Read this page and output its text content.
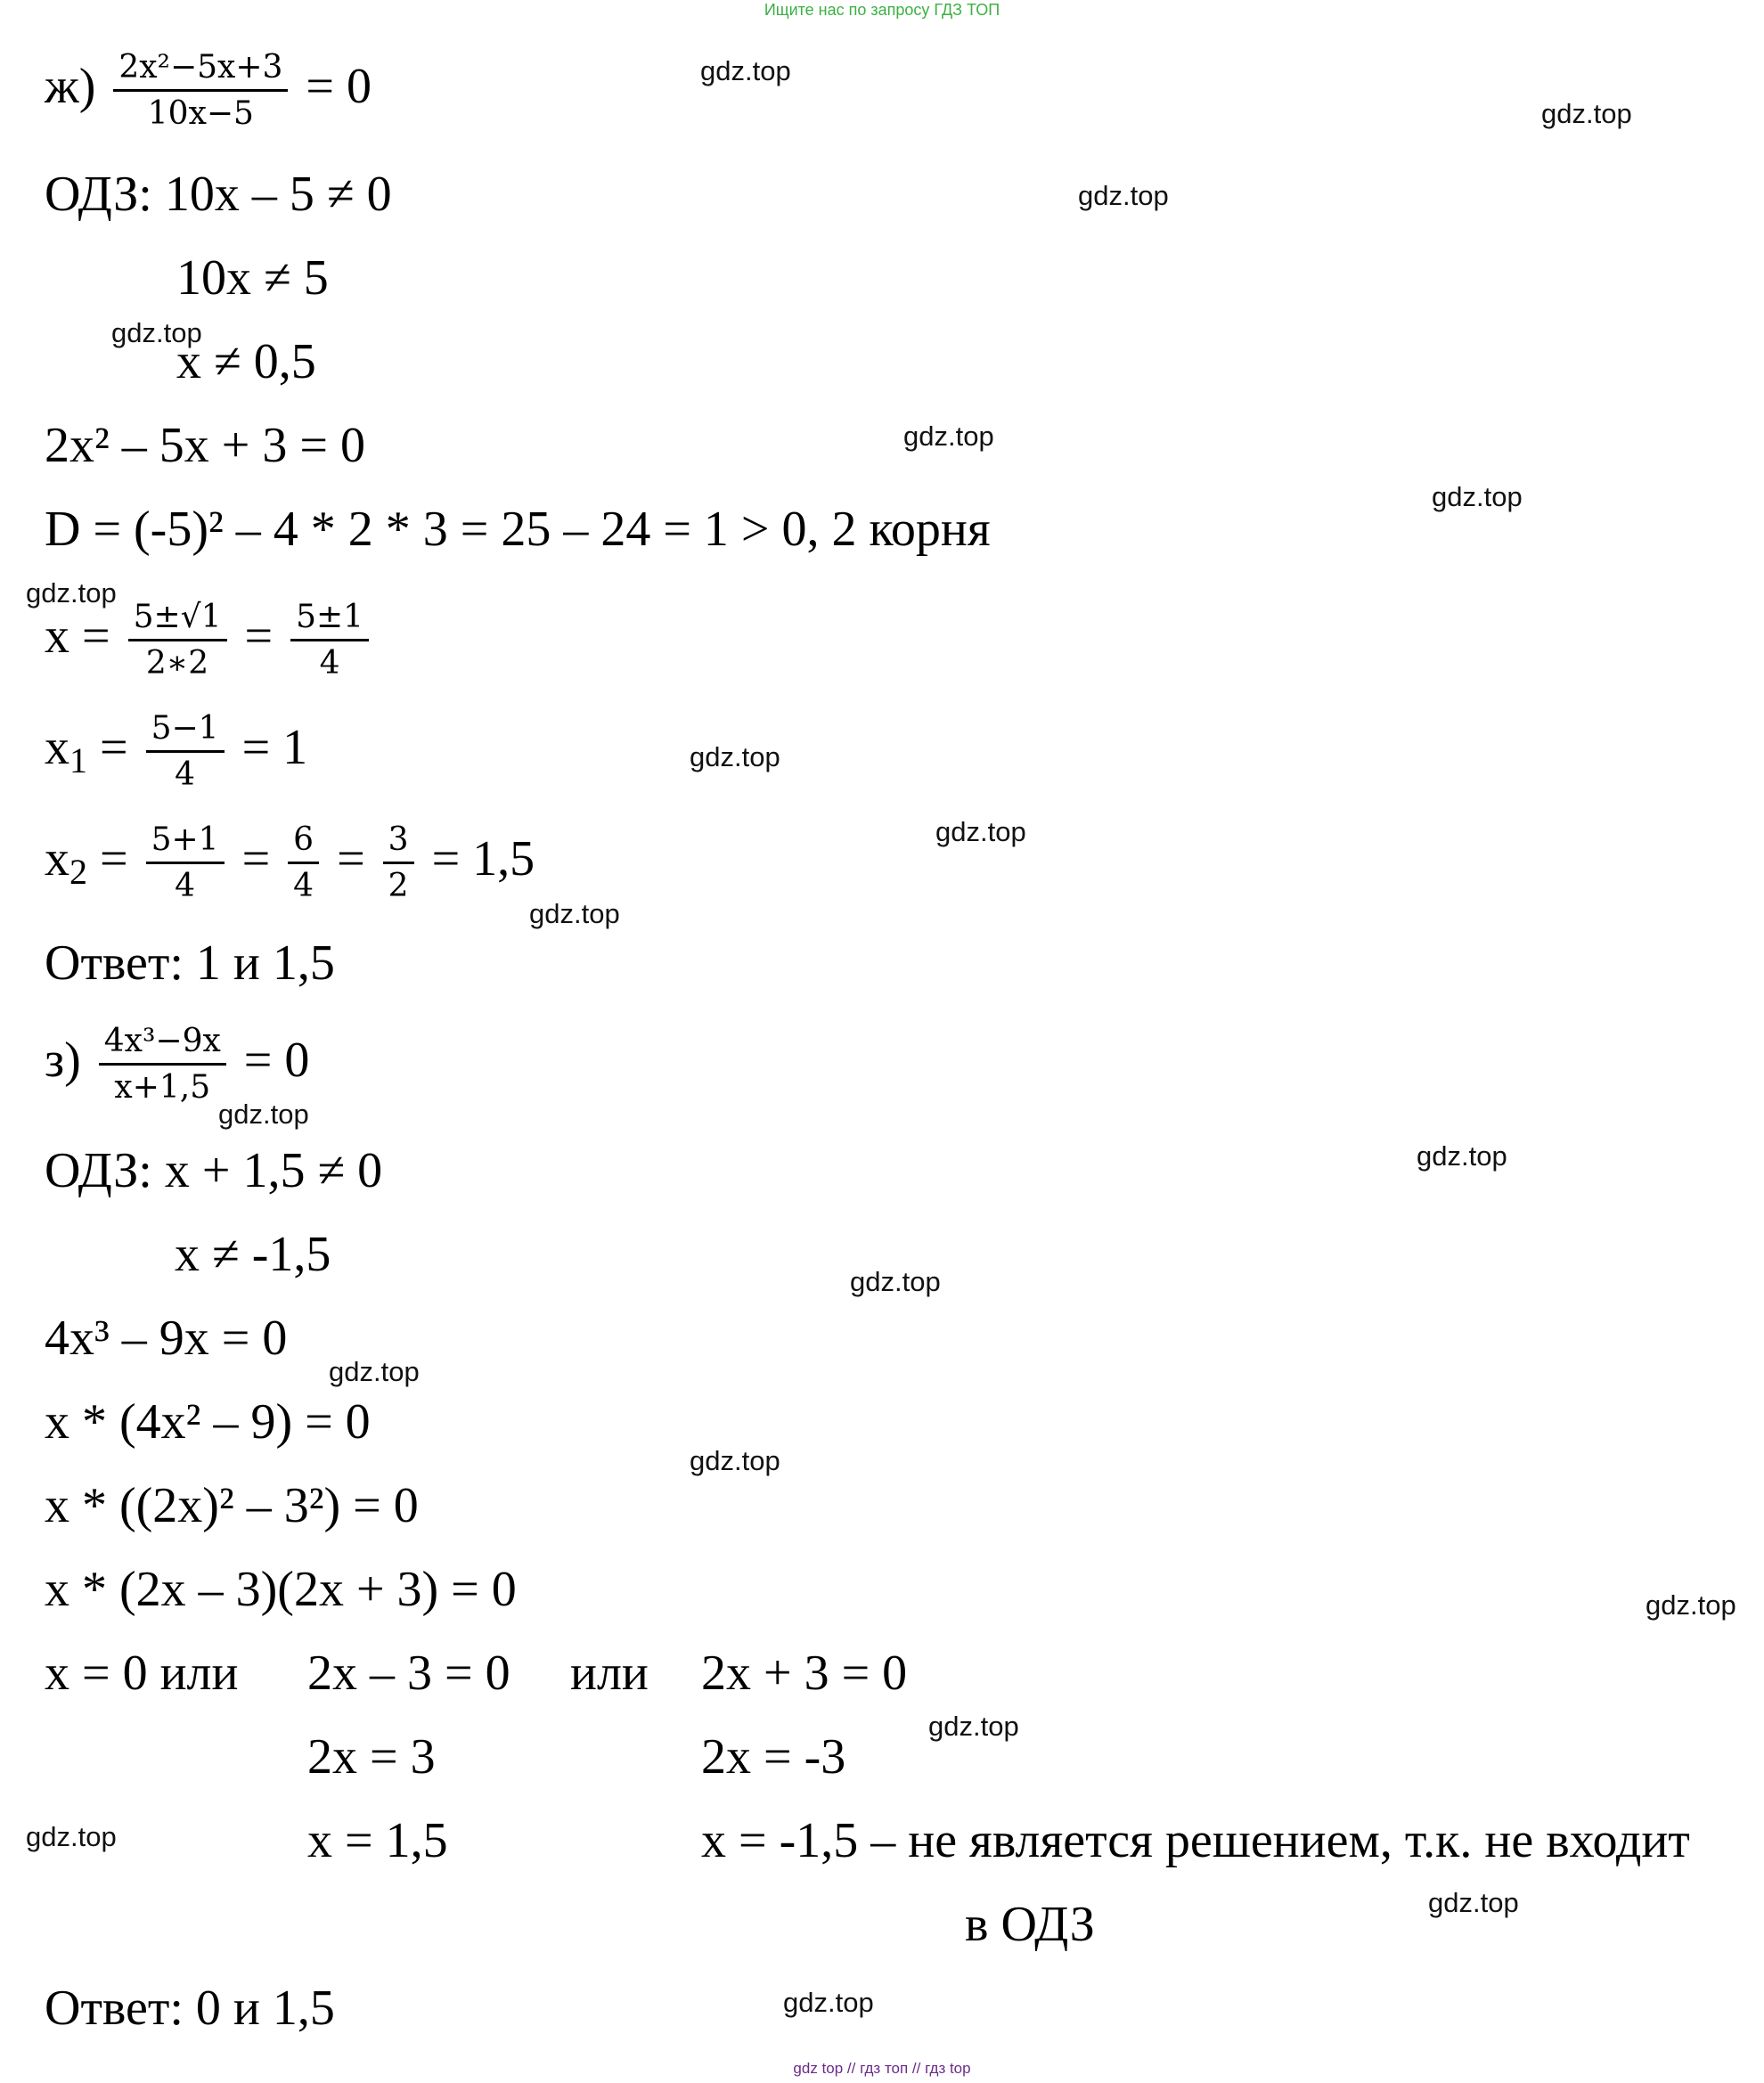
Ищите нас по запросу ГДЗ ТОП
$ж) \frac{\text{2x²−5x+3}}{10x-5} = 0$
ОДЗ: 10x – 5 ≠ 0
10x ≠ 5
x ≠ 0,5
2x² – 5x + 3 = 0
D = (-5)² – 4 * 2 * 3 = 25 – 24 = 1 > 0, 2 корня
$x = \frac{5\pm√1}{2∗2} = \frac{5\pm 1}{4}$
$x_1 = \frac{5-1}{4} = 1$
$x_2 = \frac{5+1}{4} = \frac{6}{4} = \frac{3}{2} = 1,5$
Ответ: 1 и 1,5
$з) \frac{\text{4x³−9x}}{x+1,5} = 0$
ОДЗ: x + 1,5 ≠ 0
x ≠ -1,5
4x³ – 9x = 0
x * (4x² – 9) = 0
x * ((2x)² – 3²) = 0
x * (2x – 3)(2x + 3) = 0
x = 0 или 2x – 3 = 0 или 2x + 3 = 0
2x = 3	2x = -3
x = 1,5	x = -1,5 – не является решением, т.к. не входит
в ОДЗ
Ответ: 0 и 1,5
gdz.top
gdz.top
gdz.top
gdz.top
gdz.top
gdz.top
gdz.top
gdz.top
gdz.top
gdz.top
gdz.top
gdz.top
gdz.top
gdz.top
gdz.top
gdz.top
gdz.top
gdz.top
gdz.top
gdz.top
gdz top // гдз топ // гдз top
